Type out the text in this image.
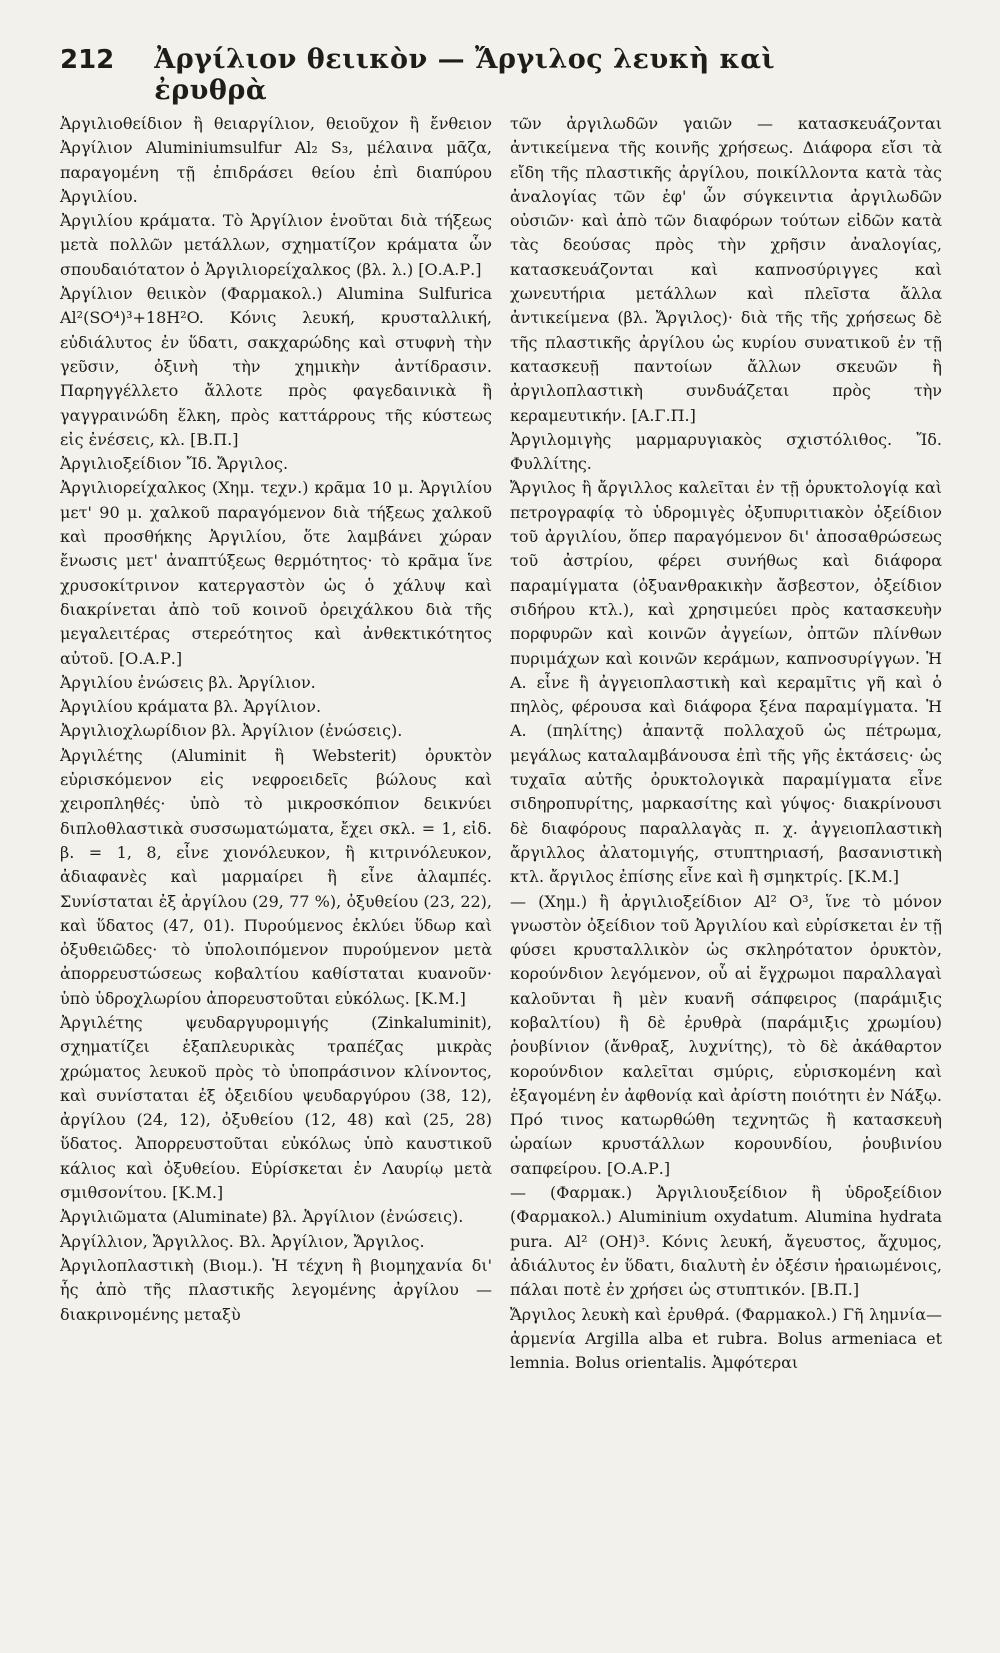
212 Ἀργίλιον θειικὸν — Ἄργιλος λευκὴ καὶ ἐρυθρὰ

Ἀργιλιοθείδιον ἢ θειαργίλιον, θειοῦχον ἢ ἔνθειον Ἀργίλιον Aluminiumsulfur Al₂ S₃, μέλαινα μᾶζα, παραγομένη τῇ ἐπιδράσει θείου ἐπὶ διαπύρου Ἀργιλίου.

Ἀργιλίου κράματα. Τὸ Ἀργίλιον ἑνοῦται διὰ τήξεως μετὰ πολλῶν μετάλλων, σχηματίζον κράματα ὧν σπουδαιότατον ὁ Ἀργιλιορείχαλκος (βλ. λ.) [Ο.Α.Ρ.]

Ἀργίλιον θειικὸν (Φαρμακολ.) Alumina Sulfurica Al²(SO⁴)³+18H²O. Κόνις λευκή, κρυσταλλική, εὐδιάλυτος ἐν ὕδατι, σακχαρώδης καὶ στυφνὴ τὴν γεῦσιν, ὀξινὴ τὴν χημικὴν ἀντίδρασιν. Παρηγγέλλετο ἄλλοτε πρὸς φαγεδαινικὰ ἢ γαγγραινώδη ἕλκη, πρὸς καττάρρους τῆς κύστεως εἰς ἐνέσεις, κλ. [Β.Π.]

Ἀργιλιοξείδιον Ἴδ. Ἄργιλος.

Ἀργιλιορείχαλκος (Χημ. τεχν.) κρᾶμα 10 μ. Ἀργιλίου μετ' 90 μ. χαλκοῦ παραγόμενον διὰ τήξεως χαλκοῦ καὶ προσθήκης Ἀργιλίου, ὅτε λαμβάνει χώραν ἔνωσις μετ' ἀναπτύξεως θερμότητος· τὸ κρᾶμα ἵνε χρυσοκίτρινον κατεργαστὸν ὡς ὁ χάλυψ καὶ διακρίνεται ἀπὸ τοῦ κοινοῦ ὀρειχάλκου διὰ τῆς μεγαλειτέρας στερεότητος καὶ ἀνθεκτικότητος αὐτοῦ. [Ο.Α.Ρ.]

Ἀργιλίου ἐνώσεις βλ. Ἀργίλιον.

Ἀργιλίου κράματα βλ. Ἀργίλιον.

Ἀργιλιοχλωρίδιον βλ. Ἀργίλιον (ἐνώσεις).

Ἀργιλέτης (Aluminit ἢ Websterit) ὀρυκτὸν εὑρισκόμενον εἰς νεφροειδεῖς βώλους καὶ χειροπληθές· ὑπὸ τὸ μικροσκόπιον δεικνύει διπλοθλαστικὰ συσσωματώματα, ἔχει σκλ. = 1, εἰδ. β. = 1, 8, εἶνε χιονόλευκον, ἢ κιτρινόλευκον, ἀδιαφανὲς καὶ μαρμαίρει ἢ εἶνε ἀλαμπές. Συνίσταται ἐξ ἀργίλου (29, 77 %), ὀξυθείου (23, 22), καὶ ὕδατος (47, 01). Πυρούμενος ἐκλύει ὕδωρ καὶ ὀξυθειῶδες· τὸ ὑπολοιπόμενον πυρούμενον μετὰ ἀπορρευστώσεως κοβαλτίου καθίσταται κυανοῦν· ὑπὸ ὑδροχλωρίου ἀπορευστοῦται εὐκόλως. [Κ.Μ.]

Ἀργιλέτης ψευδαργυρομιγής (Zinkaluminit), σχηματίζει ἑξαπλευρικὰς τραπέζας μικρὰς χρώματος λευκοῦ πρὸς τὸ ὑποπράσινον κλίνοντος, καὶ συνίσταται ἐξ ὀξειδίου ψευδαργύρου (38, 12), ἀργίλου (24, 12), ὀξυθείου (12, 48) καὶ (25, 28) ὕδατος. Ἀπορρευστοῦται εὐκόλως ὑπὸ καυστικοῦ κάλιος καὶ ὀξυθείου. Εὑρίσκεται ἐν Λαυρίῳ μετὰ σμιθσονίτου. [Κ.Μ.]

Ἀργιλιῶματα (Aluminate) βλ. Ἀργίλιον (ἐνώσεις).

Ἀργίλλιον, Ἄργιλλος. Βλ. Ἀργίλιον, Ἄργιλος.

Ἀργιλοπλαστικὴ (Βιομ.). Ἡ τέχνη ἢ βιομηχανία δι' ἧς ἀπὸ τῆς πλαστικῆς λεγομένης ἀργίλου — διακρινομένης μεταξὺ

τῶν ἀργιλωδῶν γαιῶν — κατασκευάζονται ἀντικείμενα τῆς κοινῆς χρήσεως. Διάφορα εἴσι τὰ εἴδη τῆς πλαστικῆς ἀργίλου, ποικίλλοντα κατὰ τὰς ἀναλογίας τῶν ἐφ' ὧν σύγκειντια ἀργιλωδῶν οὐσιῶν· καὶ ἀπὸ τῶν διαφόρων τούτων εἰδῶν κατὰ τὰς δεούσας πρὸς τὴν χρῆσιν ἀναλογίας, κατασκευάζονται καὶ καπνοσύριγγες καὶ χωνευτήρια μετάλλων καὶ πλεῖστα ἄλλα ἀντικείμενα (βλ. Ἄργιλος)· διὰ τῆς τῆς χρήσεως δὲ τῆς πλαστικῆς ἀργίλου ὡς κυρίου συνατικοῦ ἐν τῇ κατασκευῇ παντοίων ἄλλων σκευῶν ἢ ἀργιλοπλαστικὴ συνδυάζεται πρὸς τὴν κεραμευτικήν. [Α.Γ.Π.]

Ἀργιλομιγὴς μαρμαρυγιακὸς σχιστόλιθος. Ἴδ. Φυλλίτης.

Ἄργιλος ἢ ἄργιλλος καλεῖται ἐν τῇ ὀρυκτολογίᾳ καὶ πετρογραφίᾳ τὸ ὑδρομιγὲς ὀξυπυριτιακὸν ὀξείδιον τοῦ ἀργιλίου, ὅπερ παραγόμενον δι' ἀποσαθρώσεως τοῦ ἀστρίου, φέρει συνήθως καὶ διάφορα παραμίγματα (ὀξυανθρακικὴν ἄσβεστον, ὀξείδιον σιδήρου κτλ.), καὶ χρησιμεύει πρὸς κατασκευὴν πορφυρῶν καὶ κοινῶν ἀγγείων, ὀπτῶν πλίνθων πυριμάχων καὶ κοινῶν κεράμων, καπνοσυρίγγων. Ἡ Α. εἶνε ἢ ἀγγειοπλαστικὴ καὶ κεραμῖτις γῆ καὶ ὁ πηλὸς, φέρουσα καὶ διάφορα ξένα παραμίγματα. Ἡ Α. (πηλίτης) ἀπαντᾷ πολλαχοῦ ὡς πέτρωμα, μεγάλως καταλαμβάνουσα ἐπὶ τῆς γῆς ἐκτάσεις· ὡς τυχαῖα αὐτῆς ὀρυκτολογικὰ παραμίγματα εἶνε σιδηροπυρίτης, μαρκασίτης καὶ γύψος· διακρίνουσι δὲ διαφόρους παραλλαγὰς π. χ. ἀγγειοπλαστικὴ ἄργιλλος ἀλατομιγής, στυπτηριασή, βασανιστικὴ κτλ. ἄργιλος ἐπίσης εἶνε καὶ ἢ σμηκτρίς. [Κ.Μ.]

— (Χημ.) ἢ ἀργιλιοξείδιον Al² O³, ἵνε τὸ μόνον γνωστὸν ὀξείδιον τοῦ Ἀργιλίου καὶ εὑρίσκεται ἐν τῇ φύσει κρυσταλλικὸν ὡς σκληρότατον ὀρυκτὸν, κορούνδιον λεγόμενον, οὗ αἱ ἔγχρωμοι παραλλαγαὶ καλοῦνται ἢ μὲν κυανῆ σάπφειρος (παράμιξις κοβαλτίου) ἢ δὲ ἐρυθρὰ (παράμιξις χρωμίου) ῥουβίνιον (ἄνθραξ, λυχνίτης), τὸ δὲ ἀκάθαρτον κορούνδιον καλεῖται σμύρις, εὑρισκομένη καὶ ἐξαγομένη ἐν ἀφθονίᾳ καὶ ἀρίστη ποιότητι ἐν Νάξῳ. Πρό τινος κατωρθώθη τεχνητῶς ἢ κατασκευὴ ὡραίων κρυστάλλων κορουνδίου, ῥουβινίου σαπφείρου. [Ο.Α.Ρ.]

— (Φαρμακ.) Ἀργιλιουξείδιον ἢ ὑδροξείδιον (Φαρμακολ.) Aluminium oxydatum. Alumina hydrata pura. Al² (OH)³. Κόνις λευκή, ἄγευστος, ἄχυμος, ἀδιάλυτος ἐν ὕδατι, διαλυτὴ ἐν ὀξέσιν ἠραιωμένοις, πάλαι ποτὲ ἐν χρήσει ὡς στυπτικόν. [Β.Π.]

Ἄργιλος λευκὴ καὶ ἐρυθρά. (Φαρμακολ.) Γῆ λημνία—ἀρμενία Argilla alba et rubra. Bolus armeniaca et lemnia. Bolus orientalis. Ἀμφότεραι
